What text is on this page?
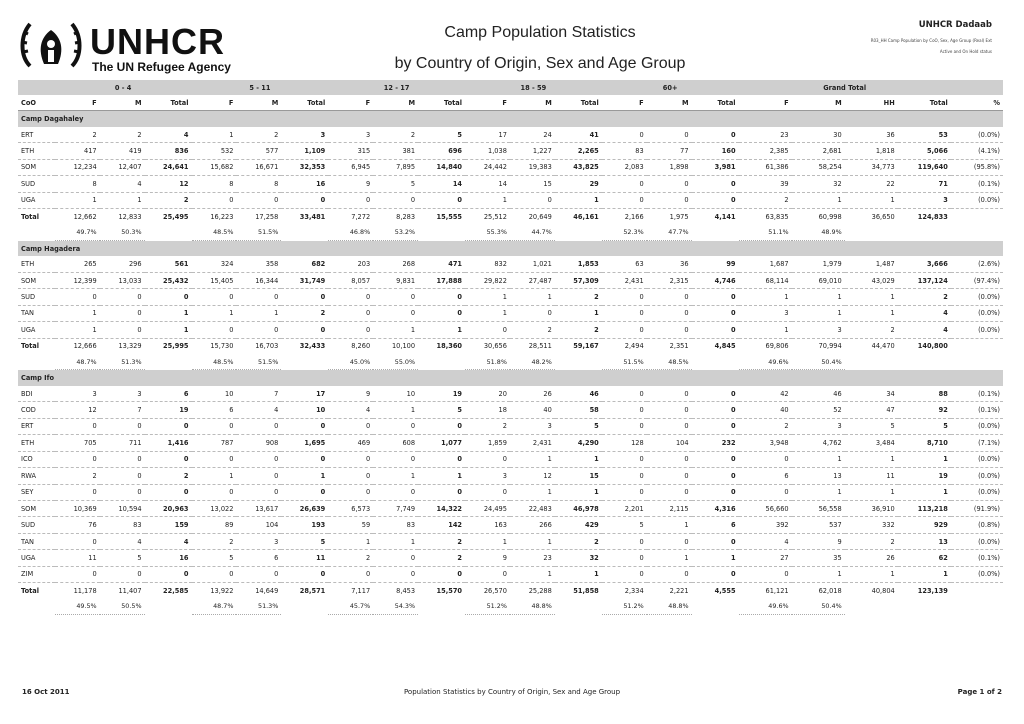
UNHCR
The UN Refugee Agency
Camp Population Statistics
by Country of Origin, Sex and Age Group
UNHCR Dadaab
R03_HH Camp Population by CoO, Sex, Age Group (Real) Ext
Active and On Hold status
	0 - 4			5 - 11			12 - 17			18 - 59			60+			Grand Total				
CoO	F	M	Total	F	M	Total	F	M	Total	F	M	Total	F	M	Total	F	M	HH	Total	%
Camp Dagahaley																				
ERT	2	2	4	1	2	3	3	2	5	17	24	41	0	0	0	23	30	36	53	(0.0%)
ETH	417	419	836	532	577	1,109	315	381	696	1,038	1,227	2,265	83	77	160	2,385	2,681	1,818	5,066	(4.1%)
SOM	12,234	12,407	24,641	15,682	16,671	32,353	6,945	7,895	14,840	24,442	19,383	43,825	2,083	1,898	3,981	61,386	58,254	34,773	119,640	(95.8%)
SUD	8	4	12	8	8	16	9	5	14	14	15	29	0	0	0	39	32	22	71	(0.1%)
UGA	1	1	2	0	0	0	0	0	0	1	0	1	0	0	0	2	1	1	3	(0.0%)
Total	12,662	12,833	25,495	16,223	17,258	33,481	7,272	8,283	15,555	25,512	20,649	46,161	2,166	1,975	4,141	63,835	60,998	36,650	124,833	
	49.7%	50.3%		48.5%	51.5%		46.8%	53.2%		55.3%	44.7%		52.3%	47.7%		51.1%	48.9%			
Camp Hagadera																				
ETH	265	296	561	324	358	682	203	268	471	832	1,021	1,853	63	36	99	1,687	1,979	1,487	3,666	(2.6%)
SOM	12,399	13,033	25,432	15,405	16,344	31,749	8,057	9,831	17,888	29,822	27,487	57,309	2,431	2,315	4,746	68,114	69,010	43,029	137,124	(97.4%)
SUD	0	0	0	0	0	0	0	0	0	1	1	2	0	0	0	1	1	1	2	(0.0%)
TAN	1	0	1	1	1	2	0	0	0	1	0	1	0	0	0	3	1	1	4	(0.0%)
UGA	1	0	1	0	0	0	0	1	1	0	2	2	0	0	0	1	3	2	4	(0.0%)
Total	12,666	13,329	25,995	15,730	16,703	32,433	8,260	10,100	18,360	30,656	28,511	59,167	2,494	2,351	4,845	69,806	70,994	44,470	140,800	
	48.7%	51.3%		48.5%	51.5%		45.0%	55.0%		51.8%	48.2%		51.5%	48.5%		49.6%	50.4%			
Camp Ifo																				
BDI	3	3	6	10	7	17	9	10	19	20	26	46	0	0	0	42	46	34	88	(0.1%)
COD	12	7	19	6	4	10	4	1	5	18	40	58	0	0	0	40	52	47	92	(0.1%)
ERT	0	0	0	0	0	0	0	0	0	2	3	5	0	0	0	2	3	5	5	(0.0%)
ETH	705	711	1,416	787	908	1,695	469	608	1,077	1,859	2,431	4,290	128	104	232	3,948	4,762	3,484	8,710	(7.1%)
ICO	0	0	0	0	0	0	0	0	0	0	1	1	0	0	0	0	1	1	1	(0.0%)
RWA	2	0	2	1	0	1	0	1	1	3	12	15	0	0	0	6	13	11	19	(0.0%)
SEY	0	0	0	0	0	0	0	0	0	0	1	1	0	0	0	0	1	1	1	(0.0%)
SOM	10,369	10,594	20,963	13,022	13,617	26,639	6,573	7,749	14,322	24,495	22,483	46,978	2,201	2,115	4,316	56,660	56,558	36,910	113,218	(91.9%)
SUD	76	83	159	89	104	193	59	83	142	163	266	429	5	1	6	392	537	332	929	(0.8%)
TAN	0	4	4	2	3	5	1	1	2	1	1	2	0	0	0	4	9	2	13	(0.0%)
UGA	11	5	16	5	6	11	2	0	2	9	23	32	0	1	1	27	35	26	62	(0.1%)
ZIM	0	0	0	0	0	0	0	0	0	0	1	1	0	0	0	0	1	1	1	(0.0%)
Total	11,178	11,407	22,585	13,922	14,649	28,571	7,117	8,453	15,570	26,570	25,288	51,858	2,334	2,221	4,555	61,121	62,018	40,804	123,139	
	49.5%	50.5%		48.7%	51.3%		45.7%	54.3%		51.2%	48.8%		51.2%	48.8%		49.6%	50.4%			
16 Oct 2011	Population Statistics by Country of Origin, Sex and Age Group	Page 1 of 2
